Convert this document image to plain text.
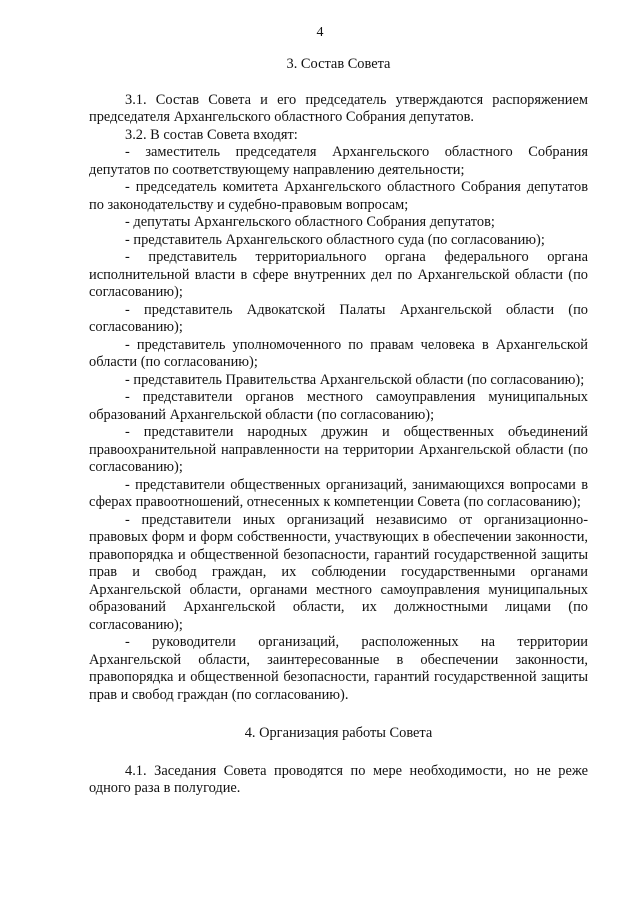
4

3. Состав Совета

3.1. Состав Совета и его председатель утверждаются распоряжением председателя Архангельского областного Собрания депутатов.

3.2. В состав Совета входят:

- заместитель председателя Архангельского областного Собрания депутатов по соответствующему направлению деятельности;

- председатель комитета Архангельского областного Собрания депутатов по законодательству и судебно-правовым вопросам;

- депутаты Архангельского областного Собрания депутатов;

- представитель Архангельского областного суда (по согласованию);

- представитель территориального органа федерального органа исполнительной власти в сфере внутренних дел по Архангельской области (по согласованию);

- представитель Адвокатской Палаты Архангельской области (по согласованию);

- представитель уполномоченного по правам человека в Архангельской области (по согласованию);

- представитель Правительства Архангельской области (по согласованию);

- представители органов местного самоуправления муниципальных образований Архангельской области (по согласованию);

- представители народных дружин и общественных объединений правоохранительной направленности на территории Архангельской области (по согласованию);

- представители общественных организаций, занимающихся вопросами в сферах правоотношений, отнесенных к компетенции Совета (по согласованию);

- представители иных организаций независимо от организационно-правовых форм и форм собственности, участвующих в обеспечении законности, правопорядка и общественной безопасности, гарантий государственной защиты прав и свобод граждан, их соблюдении государственными органами Архангельской области, органами местного самоуправления муниципальных образований Архангельской области, их должностными лицами (по согласованию);

- руководители организаций, расположенных на территории Архангельской области, заинтересованные в обеспечении законности, правопорядка и общественной безопасности, гарантий государственной защиты прав и свобод граждан (по согласованию).

4. Организация работы Совета

4.1. Заседания Совета проводятся по мере необходимости, но не реже одного раза в полугодие.
